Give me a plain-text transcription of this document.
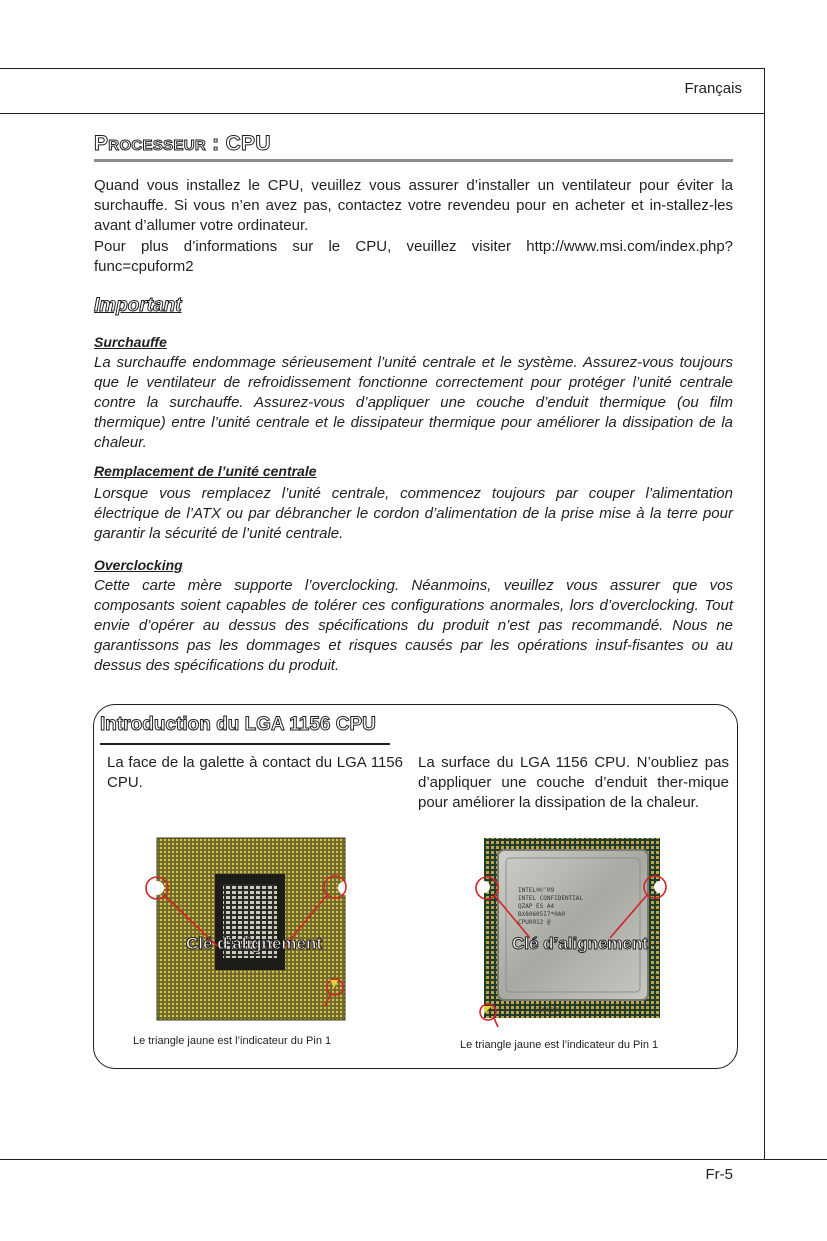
Français
Processeur : CPU
Quand vous installez le CPU, veuillez vous assurer d’installer un ventilateur pour éviter la surchauffe. Si vous n’en avez pas, contactez votre revendeu pour en acheter et in-stallez-les avant d’allumer votre ordinateur.
Pour plus d’informations sur le CPU, veuillez visiter http://www.msi.com/index.php?func=cpuform2
Important
Surchauffe
La surchauffe endommage sérieusement l’unité centrale et le système. Assurez-vous toujours que le ventilateur de refroidissement fonctionne correctement pour protéger l’unité centrale contre la surchauffe. Assurez-vous d’appliquer une couche d’enduit thermique (ou film thermique) entre l’unité centrale et le dissipateur thermique pour améliorer la dissipation de la chaleur.
Remplacement de l’unité centrale
Lorsque vous remplacez l’unité centrale, commencez toujours par couper l’alimentation électrique de l’ATX ou par débrancher le cordon d’alimentation de la prise mise à la terre pour garantir la sécurité de l’unité centrale.
Overclocking
Cette carte mère supporte l’overclocking. Néanmoins, veuillez vous assurer que vos composants soient capables de tolérer ces configurations anormales, lors d’overclocking. Tout envie d’opérer au dessus des spécifications du produit n’est pas recommandé. Nous ne garantissons pas les dommages et risques causés par les opérations insuf-fisantes ou au dessus des spécifications du produit.
Introduction du LGA 1156 CPU
La face de la galette à contact du LGA 1156 CPU.
La surface du LGA 1156 CPU. N’oubliez pas d’appliquer une couche d’enduit ther-mique pour améliorer la dissipation de la chaleur.
Clé d’alignement
Le triangle jaune est l’indicateur du Pin 1
INTEL®©‘09
INTEL CONFIDENTIAL
QZAP ES A4
BX80605I7*0A0
CPU0912 @
SXXXXXX
Clé d’alignement
Le triangle jaune est l’indicateur du Pin 1
Fr-5
